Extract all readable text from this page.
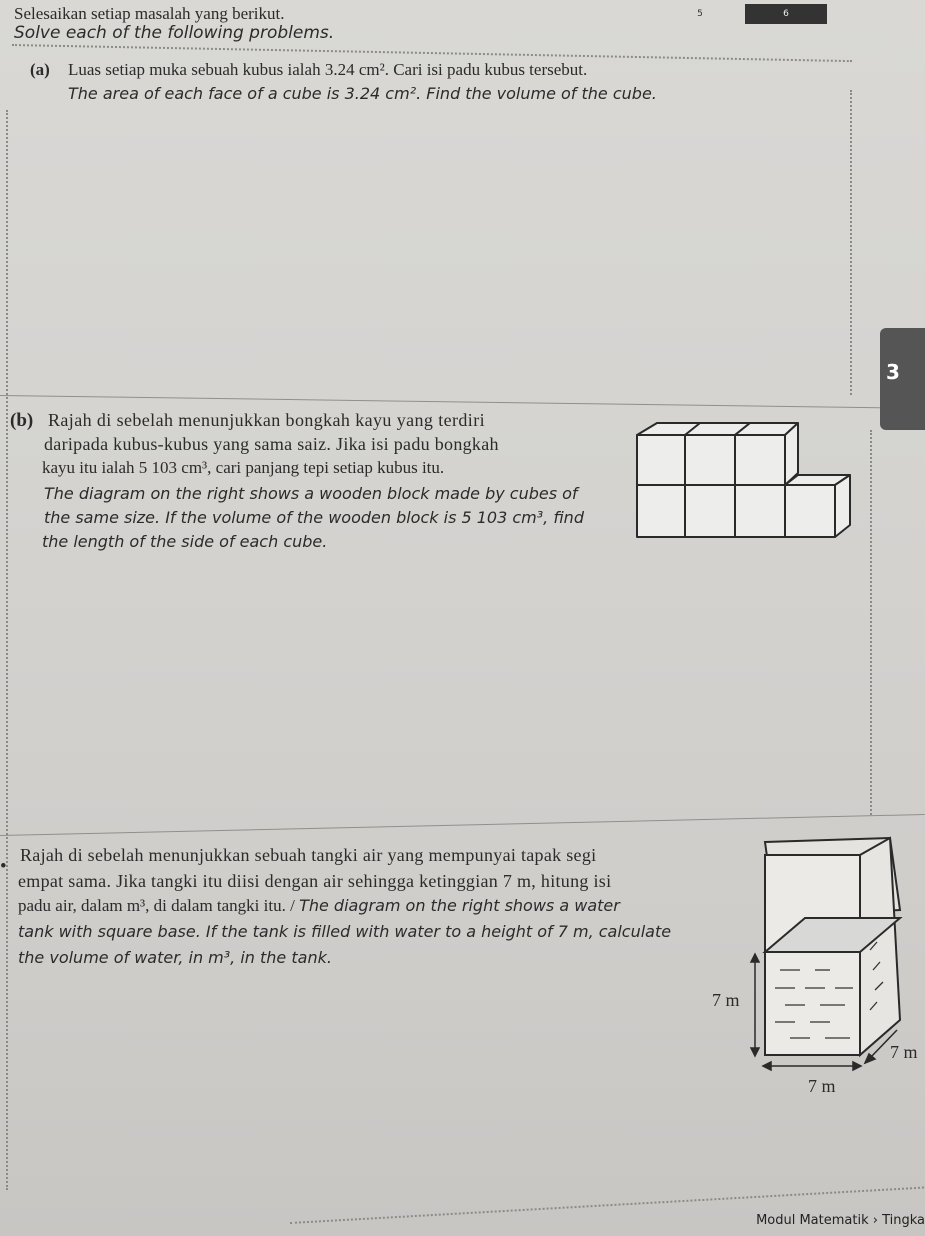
Selesaikan setiap masalah yang berikut.
Solve each of the following problems.
5	6
3
(a) Luas setiap muka sebuah kubus ialah 3.24 cm². Cari isi padu kubus tersebut.
The area of each face of a cube is 3.24 cm². Find the volume of the cube.
(b) Rajah di sebelah menunjukkan bongkah kayu yang terdiri
daripada kubus-kubus yang sama saiz. Jika isi padu bongkah
kayu itu ialah 5 103 cm³, cari panjang tepi setiap kubus itu.
The diagram on the right shows a wooden block made by cubes of
the same size. If the volume of the wooden block is 5 103 cm³, find
the length of the side of each cube.
•
Rajah di sebelah menunjukkan sebuah tangki air yang mempunyai tapak segi
empat sama. Jika tangki itu diisi dengan air sehingga ketinggian 7 m, hitung isi
padu air, dalam m³, di dalam tangki itu. / The diagram on the right shows a water
tank with square base. If the tank is filled with water to a height of 7 m, calculate
the volume of water, in m³, in the tank.
7 m
7 m
7 m
Modul Matematik › Tingka
